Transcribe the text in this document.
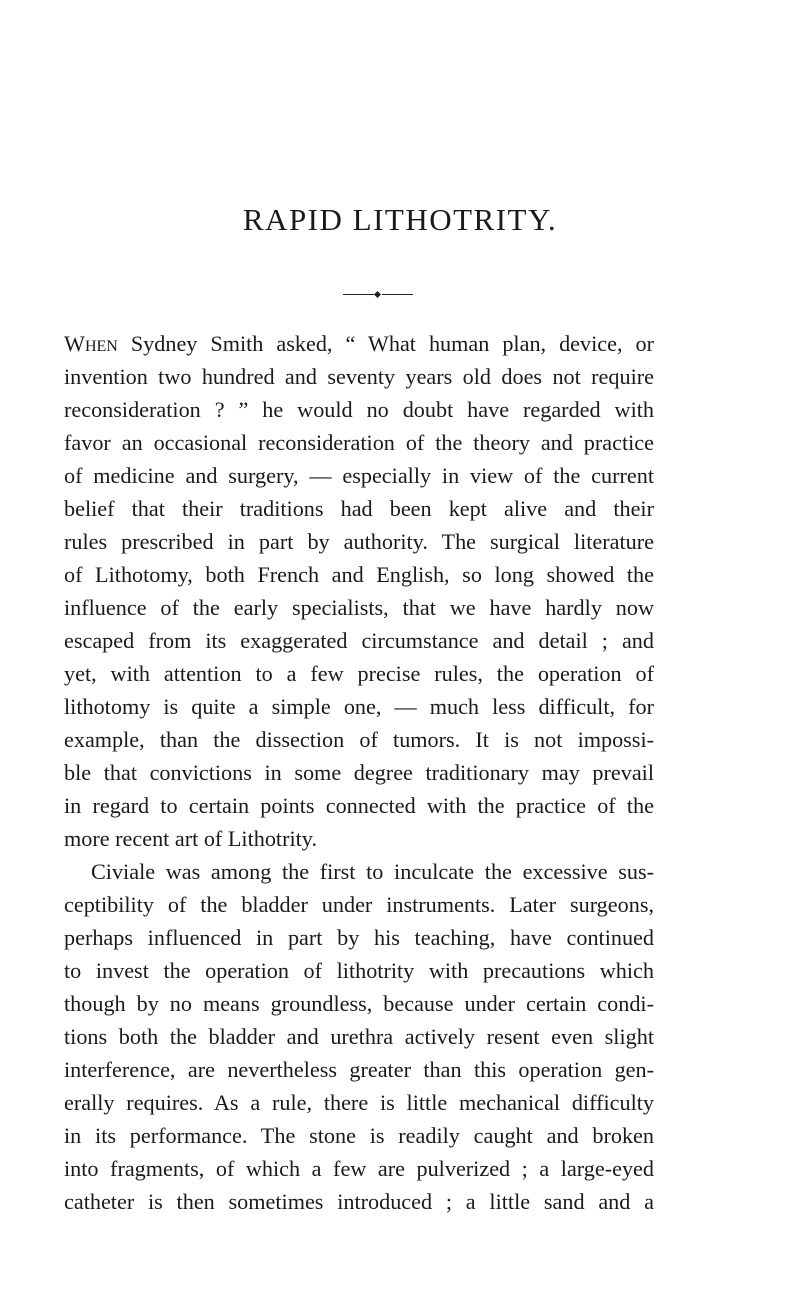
RAPID LITHOTRITY.
When Sydney Smith asked, “ What human plan, device, or
invention two hundred and seventy years old does not require
reconsideration ? ” he would no doubt have regarded with
favor an occasional reconsideration of the theory and practice
of medicine and surgery, — especially in view of the current
belief that their traditions had been kept alive and their
rules prescribed in part by authority. The surgical literature
of Lithotomy, both French and English, so long showed the
influence of the early specialists, that we have hardly now
escaped from its exaggerated circumstance and detail ; and
yet, with attention to a few precise rules, the operation of
lithotomy is quite a simple one, — much less difficult, for
example, than the dissection of tumors. It is not impossi-
ble that convictions in some degree traditionary may prevail
in regard to certain points connected with the practice of the
more recent art of Lithotrity.
Civiale was among the first to inculcate the excessive sus-
ceptibility of the bladder under instruments. Later surgeons,
perhaps influenced in part by his teaching, have continued
to invest the operation of lithotrity with precautions which
though by no means groundless, because under certain condi-
tions both the bladder and urethra actively resent even slight
interference, are nevertheless greater than this operation gen-
erally requires. As a rule, there is little mechanical difficulty
in its performance. The stone is readily caught and broken
into fragments, of which a few are pulverized ; a large-eyed
catheter is then sometimes introduced ; a little sand and a
